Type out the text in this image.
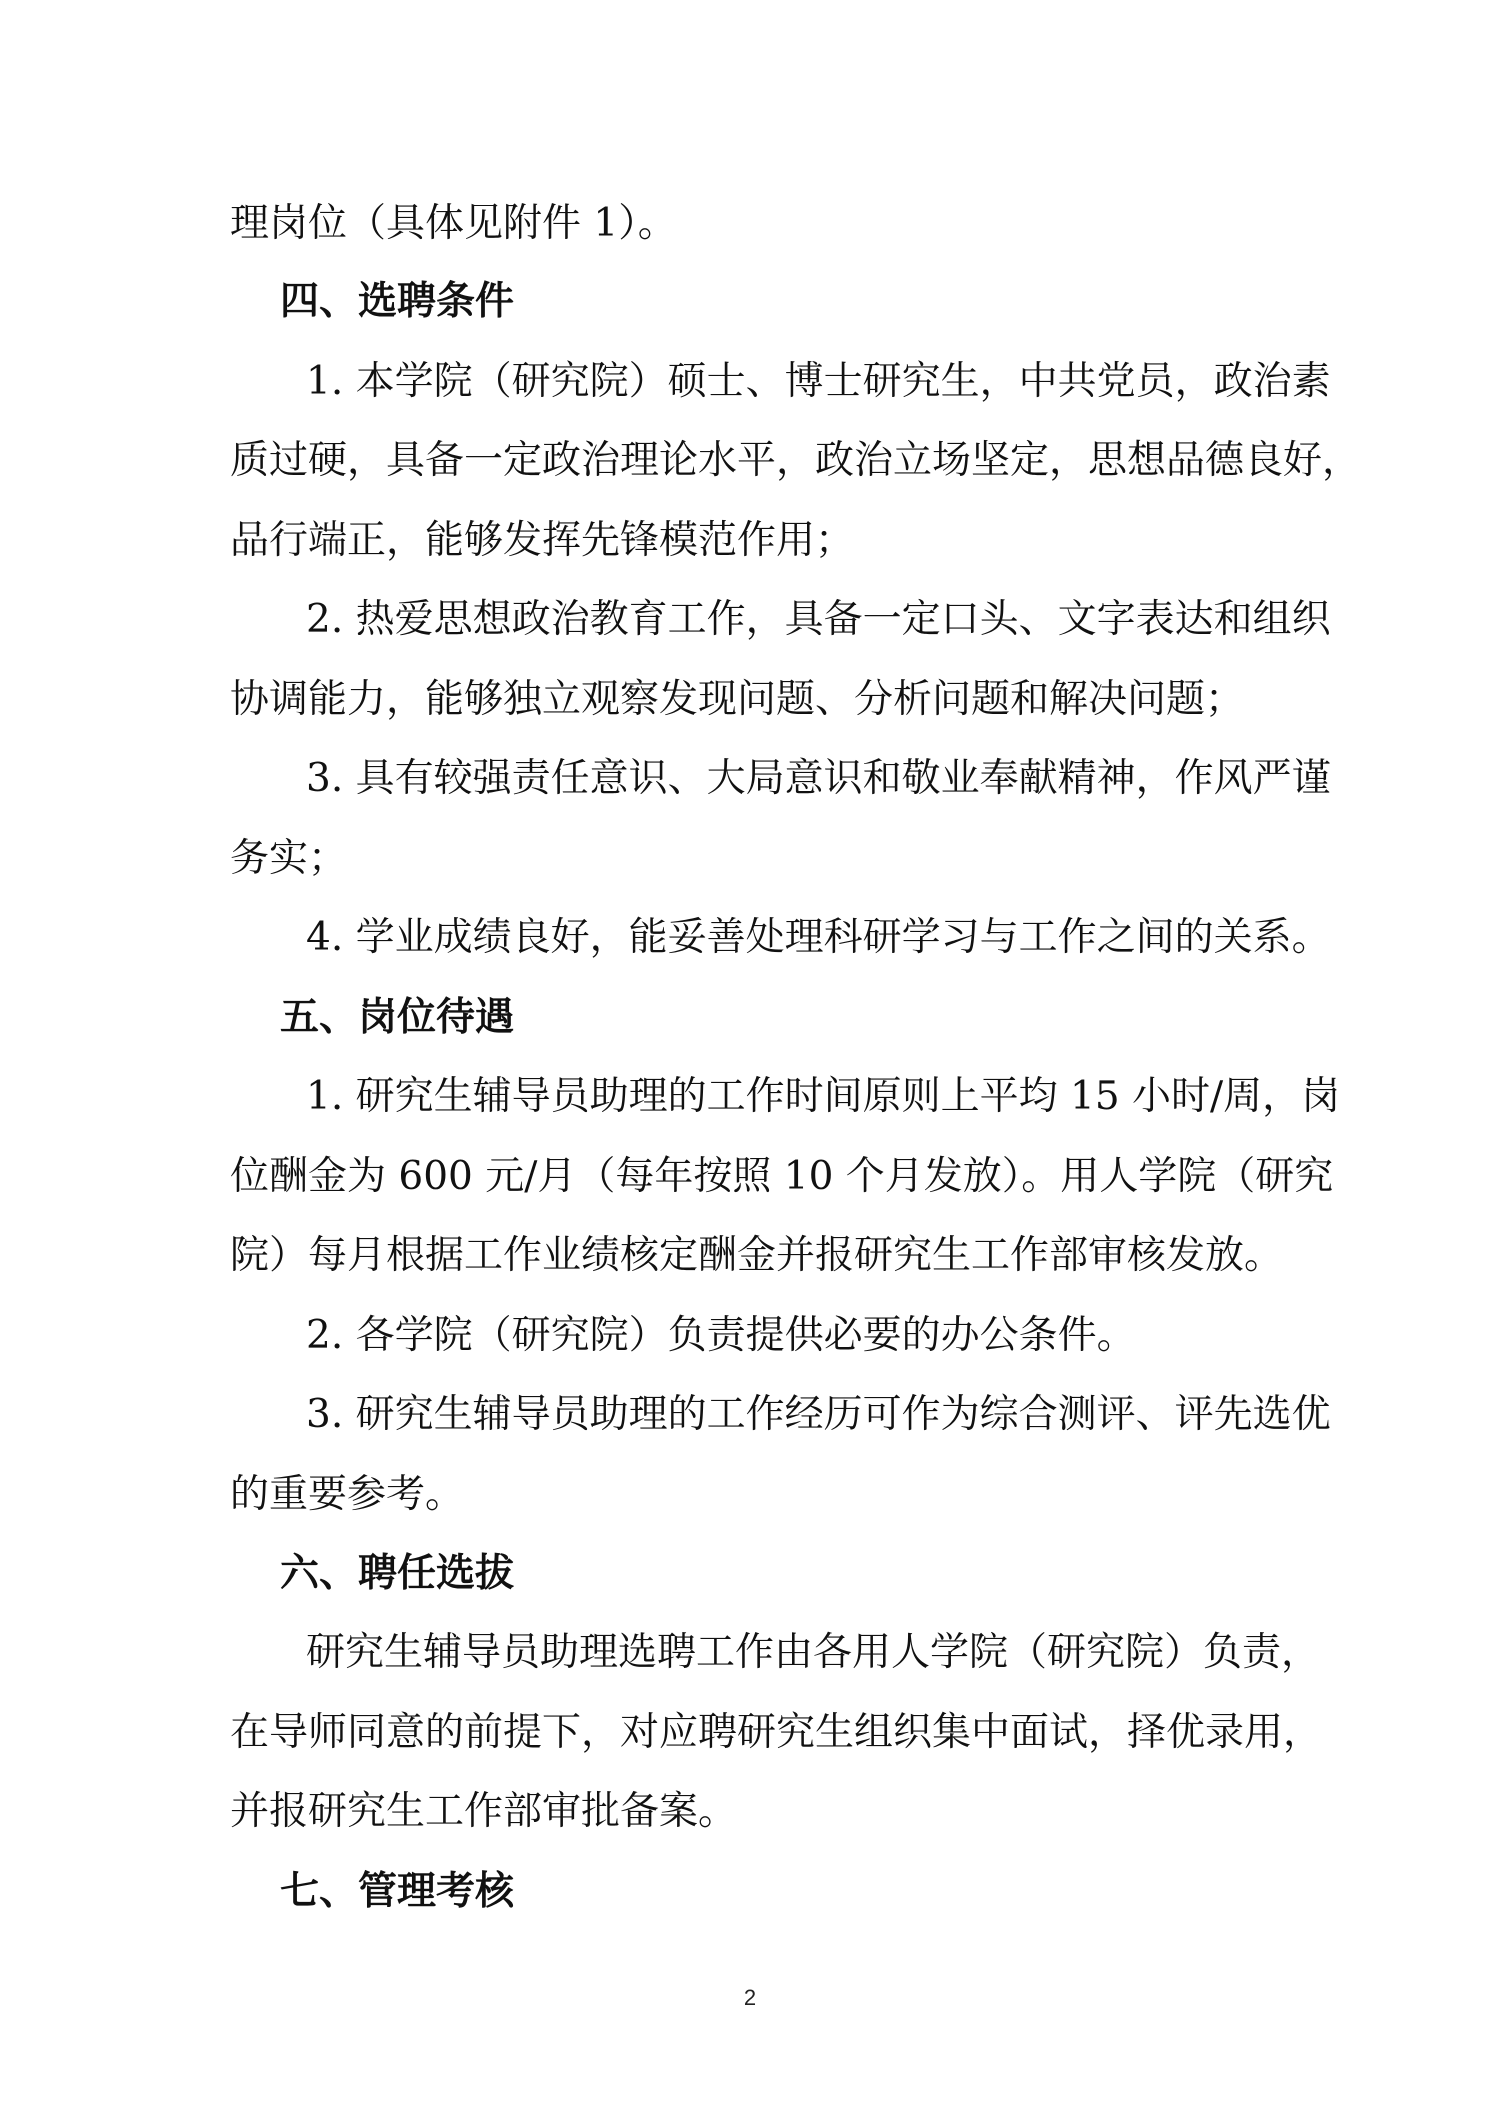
理岗位（具体见附件 1）。
四、选聘条件
1. 本学院（研究院）硕士、博士研究生，中共党员，政治素
质过硬，具备一定政治理论水平，政治立场坚定，思想品德良好，
品行端正，能够发挥先锋模范作用；
2. 热爱思想政治教育工作，具备一定口头、文字表达和组织
协调能力，能够独立观察发现问题、分析问题和解决问题；
3. 具有较强责任意识、大局意识和敬业奉献精神，作风严谨
务实；
4. 学业成绩良好，能妥善处理科研学习与工作之间的关系。
五、岗位待遇
1. 研究生辅导员助理的工作时间原则上平均 15 小时/周，岗
位酬金为 600 元/月（每年按照 10 个月发放）。用人学院（研究
院）每月根据工作业绩核定酬金并报研究生工作部审核发放。
2. 各学院（研究院）负责提供必要的办公条件。
3. 研究生辅导员助理的工作经历可作为综合测评、评先选优
的重要参考。
六、聘任选拔
研究生辅导员助理选聘工作由各用人学院（研究院）负责，
在导师同意的前提下，对应聘研究生组织集中面试，择优录用，
并报研究生工作部审批备案。
七、管理考核
2
